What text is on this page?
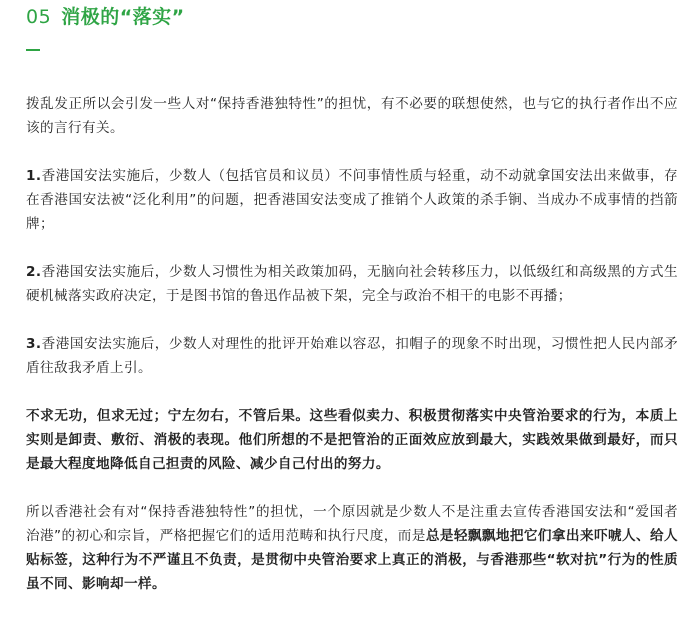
05 消极的“落实”

拨乱发正所以会引发一些人对“保持香港独特性”的担忧，有不必要的联想使然，也与它的执行者作出不应该的言行有关。

1.香港国安法实施后，少数人（包括官员和议员）不问事情性质与轻重，动不动就拿国安法出来做事，存在香港国安法被“泛化利用”的问题，把香港国安法变成了推销个人政策的杀手锏、当成办不成事情的挡箭牌；

2.香港国安法实施后，少数人习惯性为相关政策加码，无脑向社会转移压力，以低级红和高级黑的方式生硬机械落实政府决定，于是图书馆的鲁迅作品被下架，完全与政治不相干的电影不再播；

3.香港国安法实施后，少数人对理性的批评开始难以容忍，扣帽子的现象不时出现，习惯性把人民内部矛盾往敌我矛盾上引。

不求无功，但求无过；宁左勿右，不管后果。这些看似卖力、积极贯彻落实中央管治要求的行为，本质上实则是卸责、敷衍、消极的表现。他们所想的不是把管治的正面效应放到最大，实践效果做到最好，而只是最大程度地降低自己担责的风险、减少自己付出的努力。

所以香港社会有对“保持香港独特性”的担忧，一个原因就是少数人不是注重去宣传香港国安法和“爱国者治港”的初心和宗旨，严格把握它们的适用范畴和执行尺度，而是总是轻飘飘地把它们拿出来吓唬人、给人贴标签，这种行为不严谨且不负责，是贯彻中央管治要求上真正的消极，与香港那些“软对抗”行为的性质虽不同、影响却一样。
